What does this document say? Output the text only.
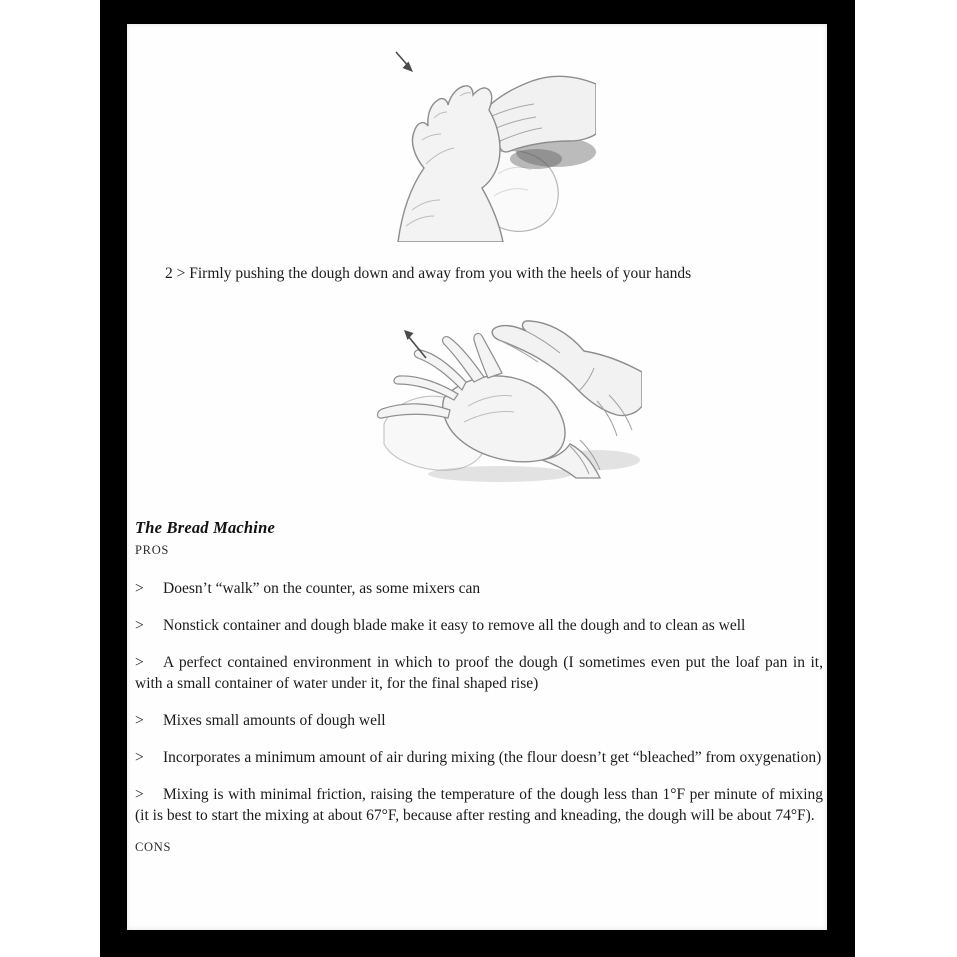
2 > Firmly pushing the dough down and away from you with the heels of your hands
The Bread Machine
PROS

> Doesn’t “walk” on the counter, as some mixers can

> Nonstick container and dough blade make it easy to remove all the dough and to clean as well

> A perfect contained environment in which to proof the dough (I sometimes even put the loaf pan in it, with a small container of water under it, for the final shaped rise)

> Mixes small amounts of dough well

> Incorporates a minimum amount of air during mixing (the flour doesn’t get “bleached” from oxygenation)

> Mixing is with minimal friction, raising the temperature of the dough less than 1°F per minute of mixing (it is best to start the mixing at about 67°F, because after resting and kneading, the dough will be about 74°F).

CONS
